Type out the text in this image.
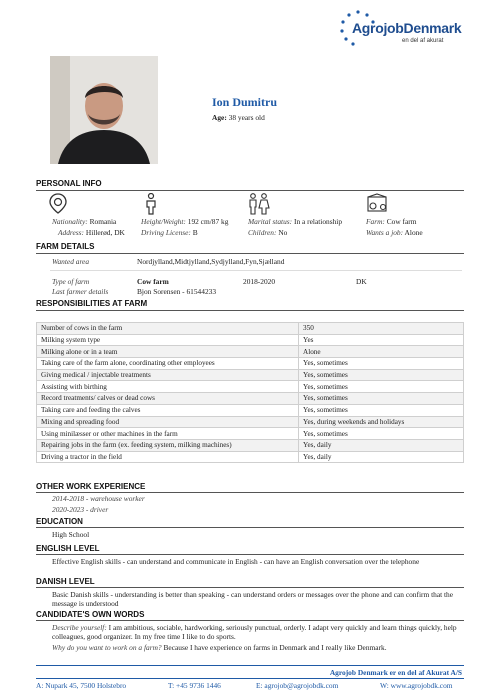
AgrojobDenmark
en del af akurat
Ion Dumitru
Age: 38 years old
PERSONAL INFO
Nationality: Romania
Address: Hillerød, DK
Height/Weight: 192 cm/87 kg
Driving License: B
Marital status: In a relationship
Children: No
Farm: Cow farm
Wants a job: Alone
FARM DETAILS
Wanted area	Nordjylland,Midtjylland,Sydjylland,Fyn,Sjælland
Type of farm	Cow farm	2018-2020	DK
Last farmer details	Bjon Sorensen - 61544233
RESPONSIBILITIES AT FARM
Number of cows in the farm	350
Milking system type	Yes
Milking alone or in a team	Alone
Taking care of the farm alone, coordinating other employees	Yes, sometimes
Giving medical / injectable treatments	Yes, sometimes
Assisting with birthing	Yes, sometimes
Record treatments/ calves or dead cows	Yes, sometimes
Taking care and feeding the calves	Yes, sometimes
Mixing and spreading food	Yes, during weekends and holidays
Using minilæsser or other machines in the farm	Yes, sometimes
Repairing jobs in the farm (ex. feeding system, milking machines)	Yes, daily
Driving a tractor in the field	Yes, daily
OTHER WORK EXPERIENCE
2014-2018 - warehouse worker
2020-2023 - driver
EDUCATION
High School
ENGLISH LEVEL
Effective English skills - can understand and communicate in English - can have an English conversation over the telephone
DANISH LEVEL
Basic Danish skills - understanding is better than speaking - can understand orders or messages over the phone and can confirm that the message is understood
CANDIDATE'S OWN WORDS
Describe yourself: I am ambitious, sociable, hardworking, seriously punctual, orderly. I adapt very quickly and learn things quickly, help colleagues, good organizer. In my free time I like to do sports.
Why do you want to work on a farm? Because I have experience on farms in Denmark and I really like Denmark.
Agrojob Denmark er en del af Akurat A/S
A: Nupark 45, 7500 Holstebro	T: +45 9736 1446	E: agrojob@agrojobdk.com	W: www.agrojobdk.com
